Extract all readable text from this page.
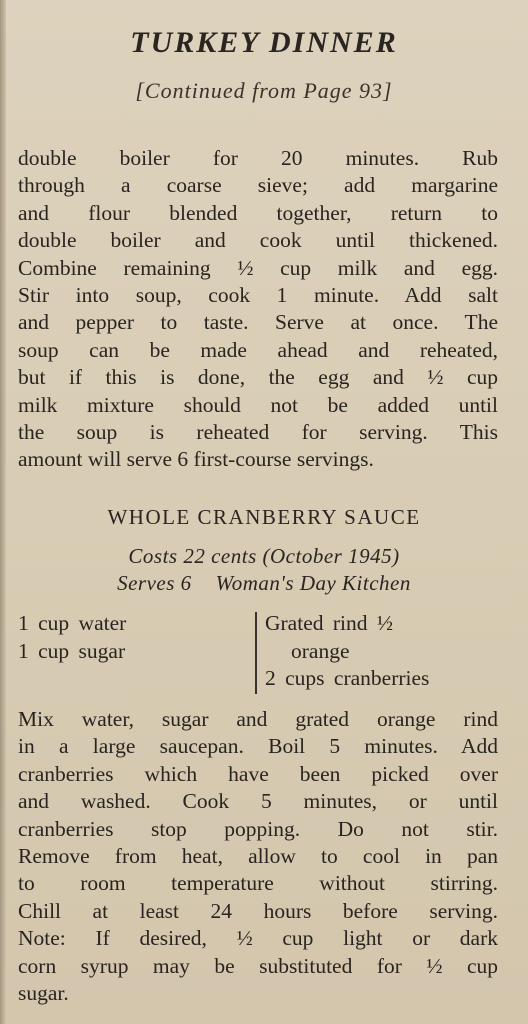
TURKEY DINNER
[Continued from Page 93]
double boiler for 20 minutes. Rub
through a coarse sieve; add margarine
and flour blended together, return to
double boiler and cook until thickened.
Combine remaining ½ cup milk and egg.
Stir into soup, cook 1 minute. Add salt
and pepper to taste. Serve at once. The
soup can be made ahead and reheated,
but if this is done, the egg and ½ cup
milk mixture should not be added until
the soup is reheated for serving. This
amount will serve 6 first-course servings.
WHOLE CRANBERRY SAUCE
Costs 22 cents (October 1945)
Serves 6 Woman's Day Kitchen
1 cup water
1 cup sugar
Grated rind ½
orange
2 cups cranberries
Mix water, sugar and grated orange rind
in a large saucepan. Boil 5 minutes. Add
cranberries which have been picked over
and washed. Cook 5 minutes, or until
cranberries stop popping. Do not stir.
Remove from heat, allow to cool in pan
to room temperature without stirring.
Chill at least 24 hours before serving.
Note: If desired, ½ cup light or dark
corn syrup may be substituted for ½ cup
sugar.
